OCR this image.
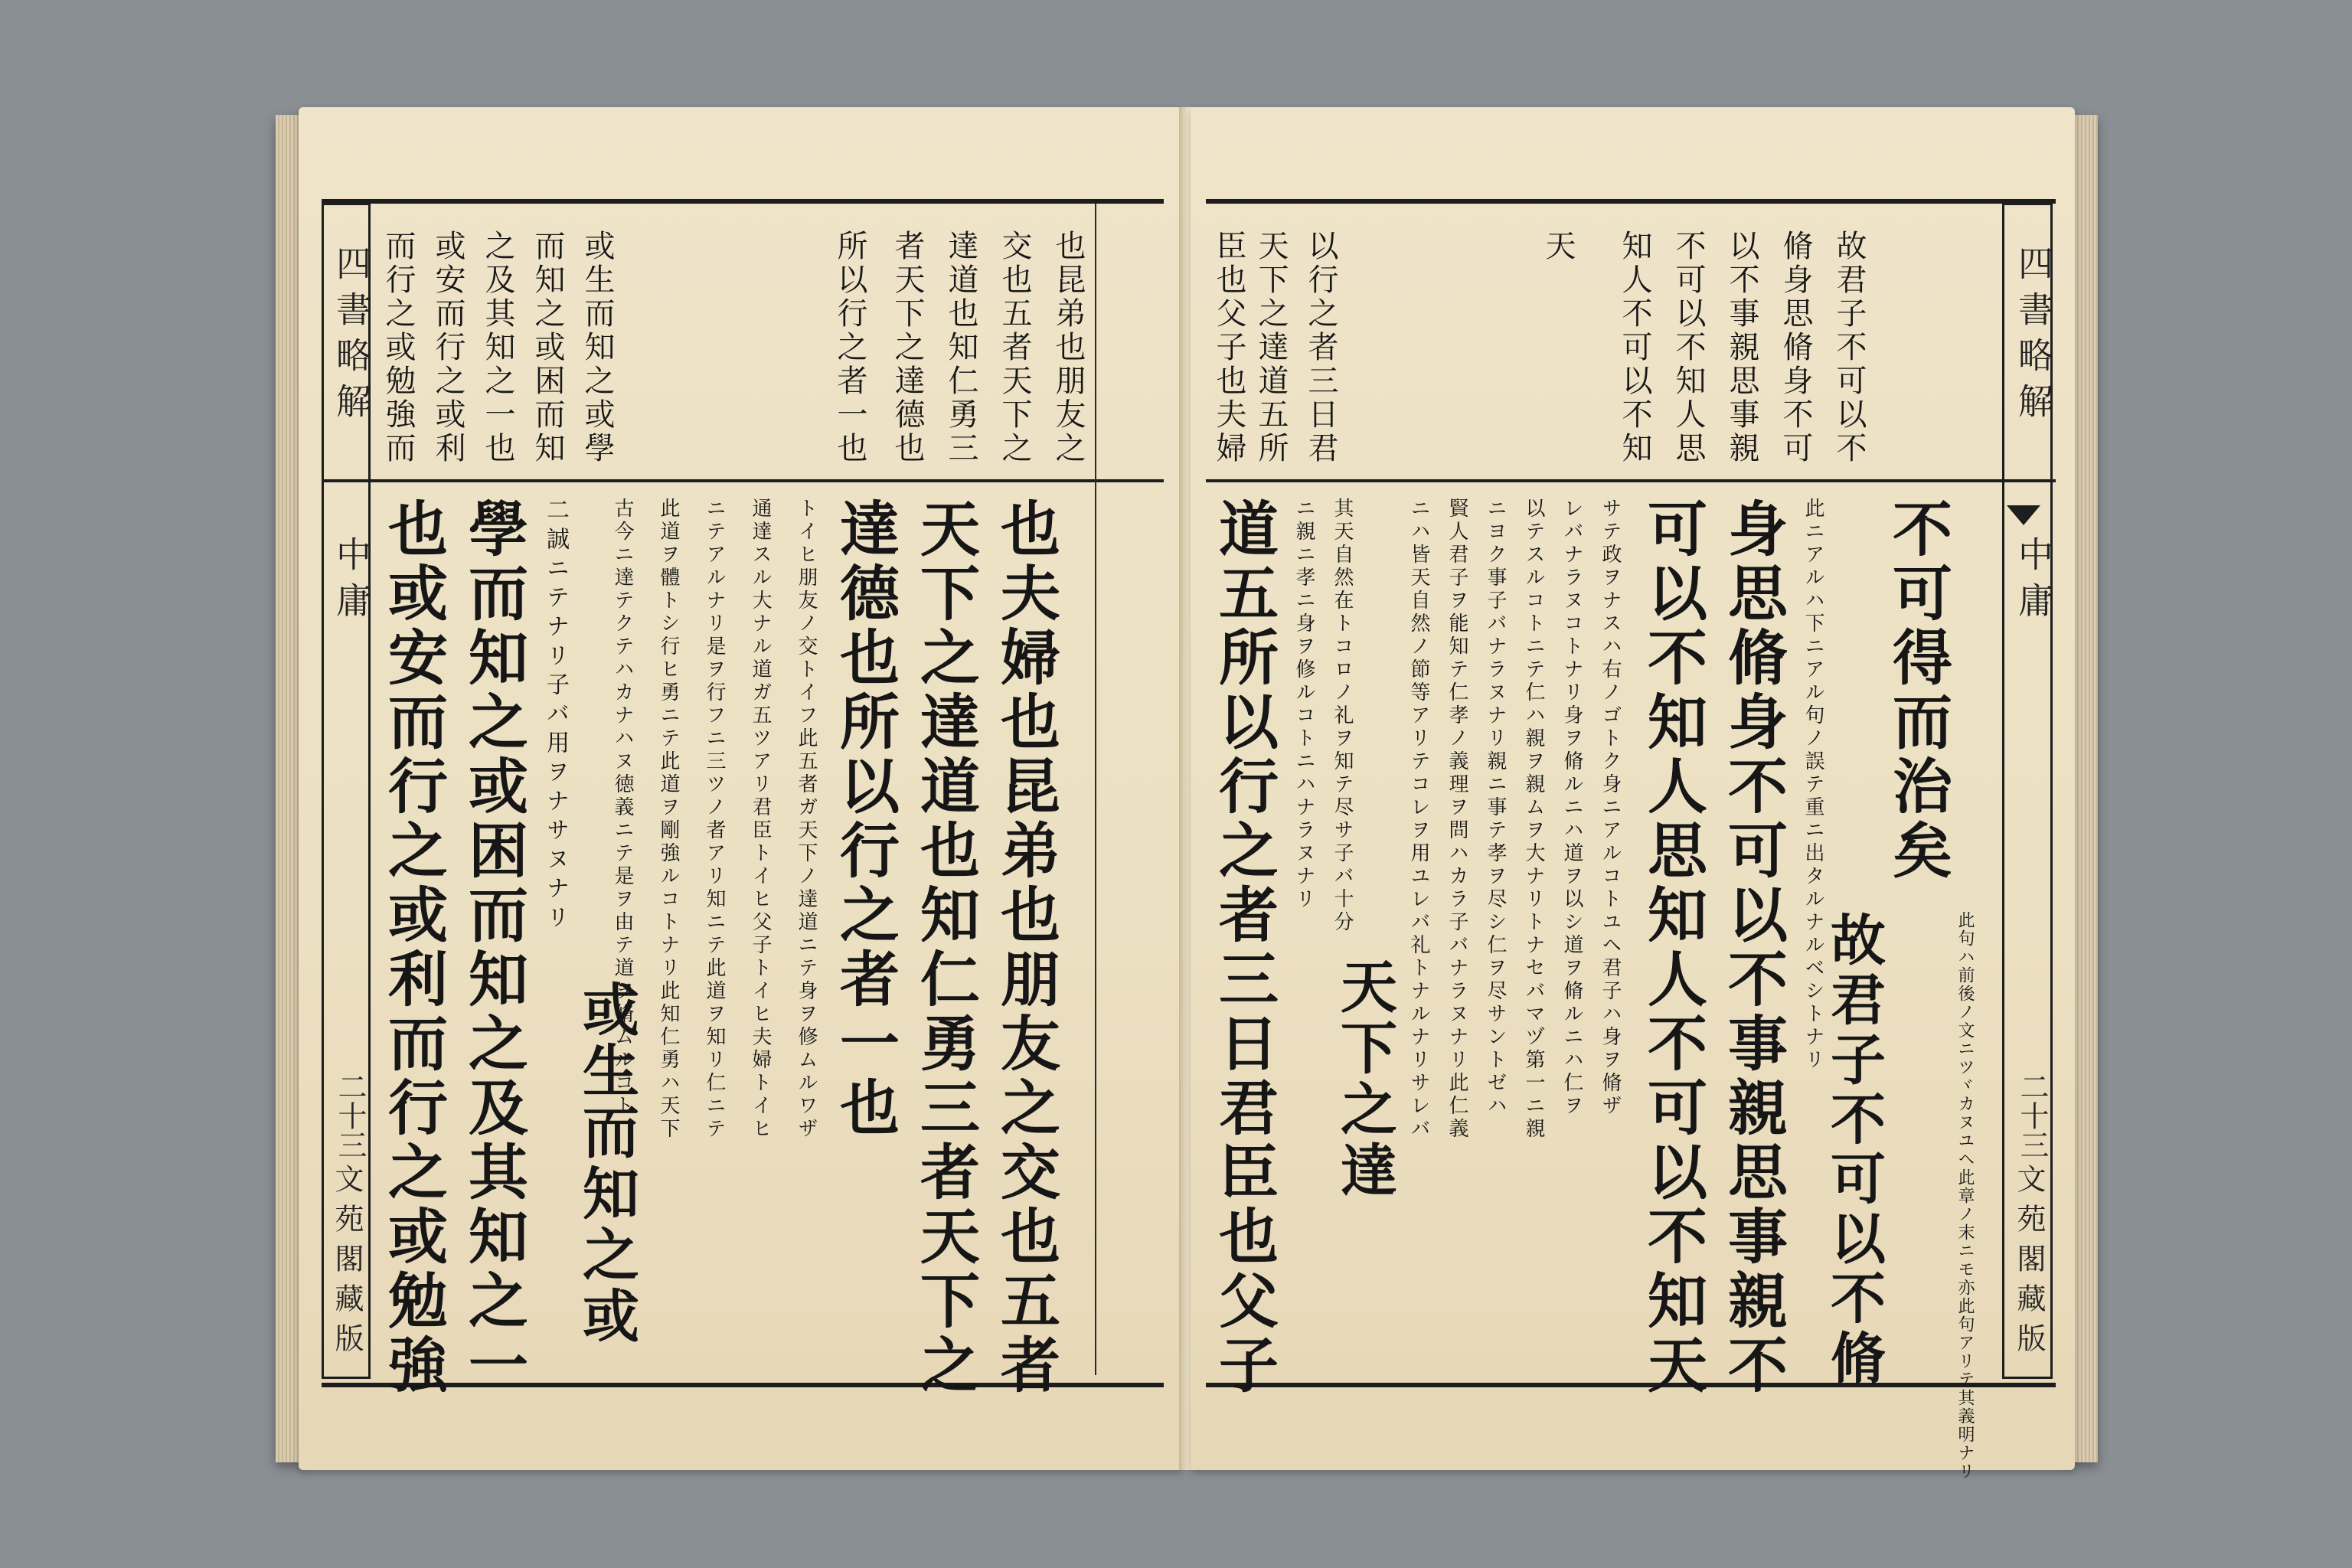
四書略解
中庸
二十三
文苑閣藏版
而行之或勉強而 或安而行之或利 之及其知之一也 而知之或困而知 或生而知之或學	所以行之者一也 者天下之達德也 達道也知仁勇三 交也五者天下之 也昆弟也朋友之
也或安而行之或利而行之或勉強 學而知之或困而知之及其知之一 或生而知之或
二誠ニテナリ子バ用ヲナサヌナリ 古今ニ達テクテハカナハヌ徳義ニテ是ヲ由テ道ヲ脩ムルコト 此道ヲ體トシ行ヒ勇ニテ此道ヲ剛強ルコトナリ此知仁勇ハ天下 ニテアルナリ是ヲ行フニ三ツノ者アリ知ニテ此道ヲ知リ仁ニテ 通達スル大ナル道ガ五ツアリ君臣トイヒ父子トイヒ夫婦トイヒ トイヒ朋友ノ交トイフ此五者ガ天下ノ達道ニテ身ヲ修ムルワザ 達德也所以行之者一也 天下之達道也知仁勇三者天下之 也夫婦也昆弟也朋友之交也五者
天下之達道五所 以行之者三日君
臣也父子也夫婦	天 知人不可以不知 不可以不知人思 以不事親思事親 脩身思脩身不可 故君子不可以不
道五所以行之者三日君臣也父子 ニ親ニ孝ニ身ヲ修ルコトニハナラヌナリ 其天自然在トコロノ礼ヲ知テ尽サ子バ十分
天下之達 ニハ皆天自然ノ節等アリテコレヲ用ユレバ礼トナルナリサレバ 賢人君子ヲ能知テ仁孝ノ義理ヲ問ハカラ子バナラヌナリ此仁義 ニヨク事子バナラヌナリ親ニ事テ孝ヲ尽シ仁ヲ尽サントゼハ 以テスルコトニテ仁ハ親ヲ親ムヲ大ナリトナセバマヅ第一ニ親 レバナラヌコトナリ身ヲ脩ルニハ道ヲ以シ道ヲ脩ルニハ仁ヲ サテ政ヲナスハ右ノゴトク身ニアルコトユヘ君子ハ身ヲ脩ザ 可以不知人思知人不可以不知天 身思脩身不可以不事親思事親不 此ニアルハ下ニアル句ノ誤テ重ニ出タルナルベシトナリ
故君子不可以不脩
不可得而治矣
此句ハ前後ノ文ニツヾカヌユヘ此章ノ末ニモ亦此句アリテ其義明ナリ
四書略解
中庸
二十三
文苑閣藏版
